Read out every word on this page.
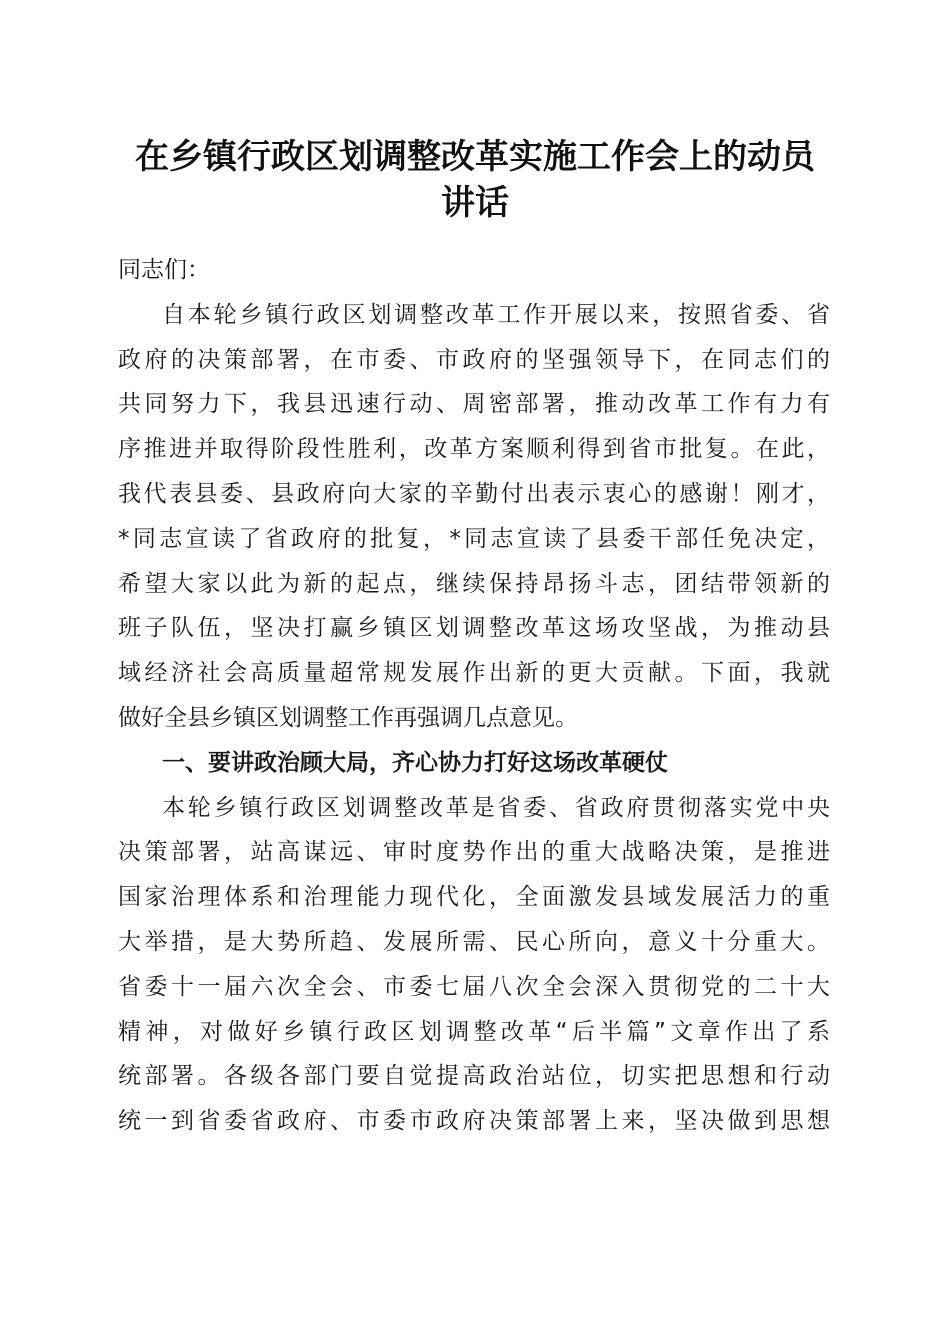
在乡镇行政区划调整改革实施工作会上的动员
讲话
同志们：
自本轮乡镇行政区划调整改革工作开展以来，按照省委、省
政府的决策部署，在市委、市政府的坚强领导下，在同志们的
共同努力下，我县迅速行动、周密部署，推动改革工作有力有
序推进并取得阶段性胜利，改革方案顺利得到省市批复。在此，
我代表县委、县政府向大家的辛勤付出表示衷心的感谢！刚才，
*同志宣读了省政府的批复，*同志宣读了县委干部任免决定，
希望大家以此为新的起点，继续保持昂扬斗志，团结带领新的
班子队伍，坚决打赢乡镇区划调整改革这场攻坚战，为推动县
域经济社会高质量超常规发展作出新的更大贡献。下面，我就
做好全县乡镇区划调整工作再强调几点意见。
一、要讲政治顾大局，齐心协力打好这场改革硬仗
本轮乡镇行政区划调整改革是省委、省政府贯彻落实党中央
决策部署，站高谋远、审时度势作出的重大战略决策，是推进
国家治理体系和治理能力现代化，全面激发县域发展活力的重
大举措，是大势所趋、发展所需、民心所向，意义十分重大。
省委十一届六次全会、市委七届八次全会深入贯彻党的二十大
精神，对做好乡镇行政区划调整改革“后半篇”文章作出了系
统部署。各级各部门要自觉提高政治站位，切实把思想和行动
统一到省委省政府、市委市政府决策部署上来，坚决做到思想
